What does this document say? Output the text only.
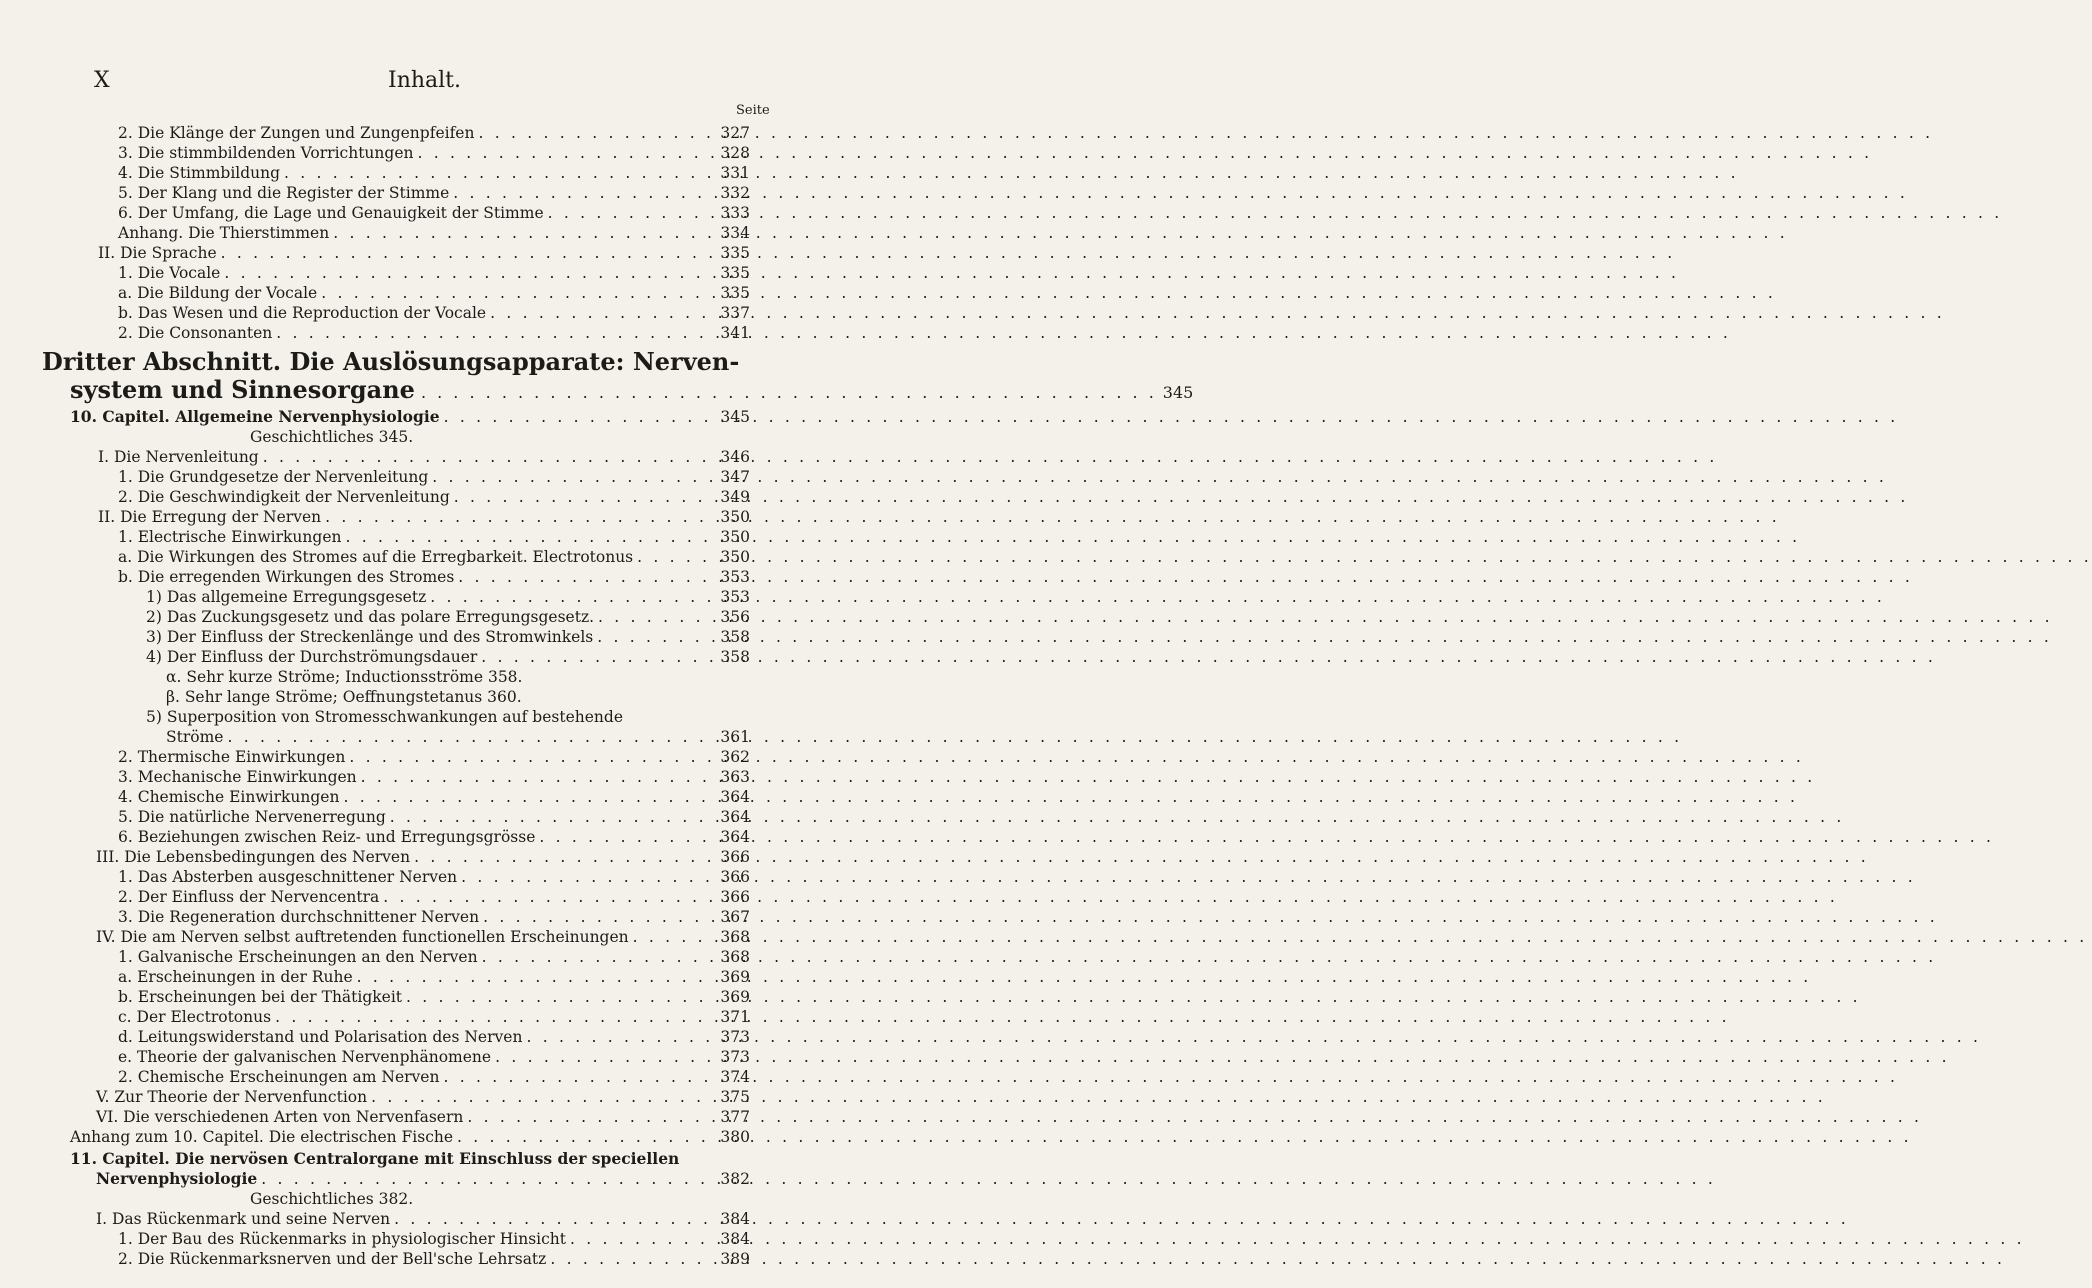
X	Inhalt.
Seite
2. Die Klänge der Zungen und Zungenpfeifen . . .	327
3. Die stimmbildenden Vorrichtungen . . .	328
4. Die Stimmbildung . . .	331
5. Der Klang und die Register der Stimme . . .	332
6. Der Umfang, die Lage und Genauigkeit der Stimme . . .	333
Anhang. Die Thierstimmen . . .	334
II. Die Sprache . . .	335
1. Die Vocale . . .	335
a. Die Bildung der Vocale . . .	335
b. Das Wesen und die Reproduction der Vocale . . .	337
2. Die Consonanten . . .	341
Dritter Abschnitt. Die Auslösungsapparate: Nerven-
system und Sinnesorgane . . .	345
10. Capitel. Allgemeine Nervenphysiologie . . .	345
Geschichtliches 345.
I. Die Nervenleitung . . .	346
1. Die Grundgesetze der Nervenleitung . . .	347
2. Die Geschwindigkeit der Nervenleitung . . .	349
II. Die Erregung der Nerven . . .	350
1. Electrische Einwirkungen . . .	350
a. Die Wirkungen des Stromes auf die Erregbarkeit. Electrotonus . . .	350
b. Die erregenden Wirkungen des Stromes . . .	353
1) Das allgemeine Erregungsgesetz . . .	353
2) Das Zuckungsgesetz und das polare Erregungsgesetz. . . .	356
3) Der Einfluss der Streckenlänge und des Stromwinkels . . .	358
4) Der Einfluss der Durchströmungsdauer . . .	358
α. Sehr kurze Ströme; Inductionsströme 358.
β. Sehr lange Ströme; Oeffnungstetanus 360.
5) Superposition von Stromesschwankungen auf bestehende
Ströme . . .	361
2. Thermische Einwirkungen . . .	362
3. Mechanische Einwirkungen . . .	363
4. Chemische Einwirkungen . . .	364
5. Die natürliche Nervenerregung . . .	364
6. Beziehungen zwischen Reiz- und Erregungsgrösse . . .	364
III. Die Lebensbedingungen des Nerven . . .	366
1. Das Absterben ausgeschnittener Nerven . . .	366
2. Der Einfluss der Nervencentra . . .	366
3. Die Regeneration durchschnittener Nerven . . .	367
IV. Die am Nerven selbst auftretenden functionellen Erscheinungen . . .	368
1. Galvanische Erscheinungen an den Nerven . . .	368
a. Erscheinungen in der Ruhe . . .	369
b. Erscheinungen bei der Thätigkeit . . .	369
c. Der Electrotonus . . .	371
d. Leitungswiderstand und Polarisation des Nerven . . .	373
e. Theorie der galvanischen Nervenphänomene . . .	373
2. Chemische Erscheinungen am Nerven . . .	374
V. Zur Theorie der Nervenfunction . . .	375
VI. Die verschiedenen Arten von Nervenfasern . . .	377
Anhang zum 10. Capitel. Die electrischen Fische . . .	380
11. Capitel. Die nervösen Centralorgane mit Einschluss der speciellen
Nervenphysiologie . . .	382
Geschichtliches 382.
I. Das Rückenmark und seine Nerven . . .	384
1. Der Bau des Rückenmarks in physiologischer Hinsicht . . .	384
2. Die Rückenmarksnerven und der Bell'sche Lehrsatz . . .	389
